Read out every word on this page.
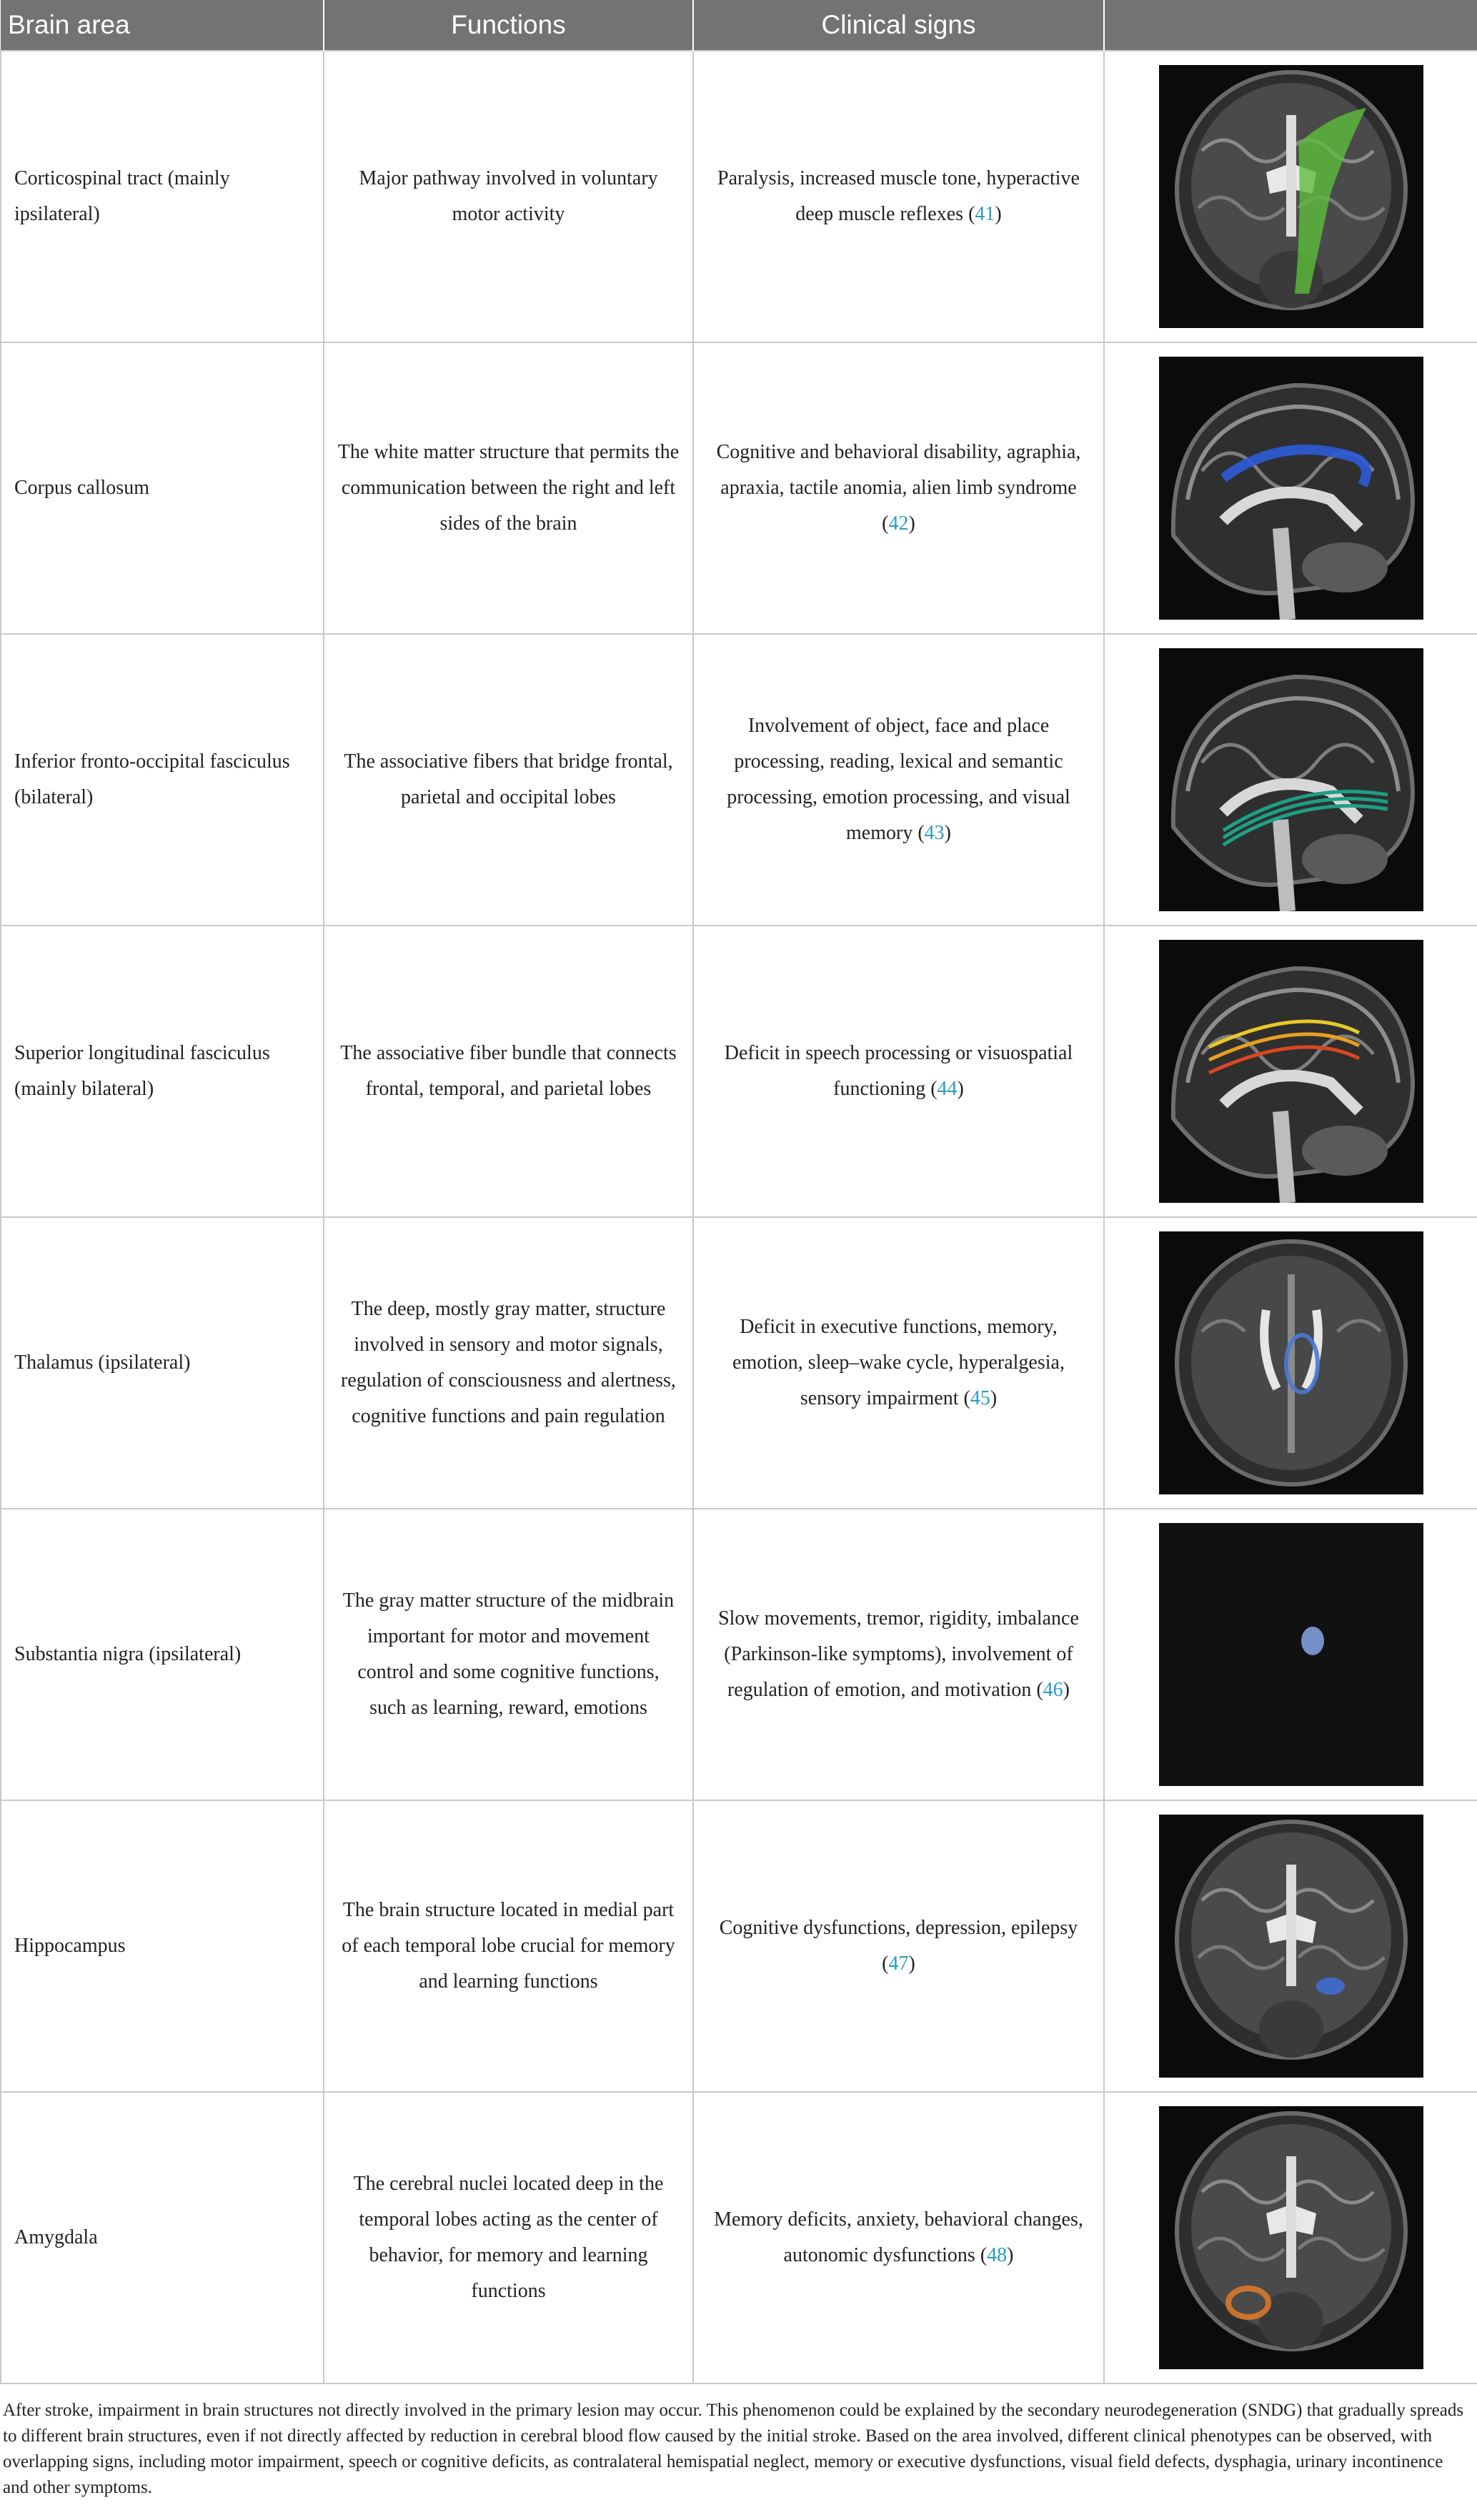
Brain area	Functions	Clinical signs	
Corticospinal tract (mainly ipsilateral)	Major pathway involved in voluntary motor activity	Paralysis, increased muscle tone, hyperactive deep muscle reflexes (41)	

Corpus callosum	The white matter structure that permits the communication between the right and left sides of the brain	Cognitive and behavioral disability, agraphia, apraxia, tactile anomia, alien limb syndrome (42)	

Inferior fronto-occipital fasciculus (bilateral)	The associative fibers that bridge frontal, parietal and occipital lobes	Involvement of object, face and place processing, reading, lexical and semantic processing, emotion processing, and visual memory (43)	

Superior longitudinal fasciculus (mainly bilateral)	The associative fiber bundle that connects frontal, temporal, and parietal lobes	Deficit in speech processing or visuospatial functioning (44)	

Thalamus (ipsilateral)	The deep, mostly gray matter, structure involved in sensory and motor signals, regulation of consciousness and alertness, cognitive functions and pain regulation	Deficit in executive functions, memory, emotion, sleep–wake cycle, hyperalgesia, sensory impairment (45)	

Substantia nigra (ipsilateral)	The gray matter structure of the midbrain important for motor and movement control and some cognitive functions, such as learning, reward, emotions	Slow movements, tremor, rigidity, imbalance (Parkinson-like symptoms), involvement of regulation of emotion, and motivation (46)	

Hippocampus	The brain structure located in medial part of each temporal lobe crucial for memory and learning functions	Cognitive dysfunctions, depression, epilepsy (47)	

Amygdala	The cerebral nuclei located deep in the temporal lobes acting as the center of behavior, for memory and learning functions	Memory deficits, anxiety, behavioral changes, autonomic dysfunctions (48)	
After stroke, impairment in brain structures not directly involved in the primary lesion may occur. This phenomenon could be explained by the secondary neurodegeneration (SNDG) that gradually spreads to different brain structures, even if not directly affected by reduction in cerebral blood flow caused by the initial stroke. Based on the area involved, different clinical phenotypes can be observed, with overlapping signs, including motor impairment, speech or cognitive deficits, as contralateral hemispatial neglect, memory or executive dysfunctions, visual field defects, dysphagia, urinary incontinence and other symptoms.
